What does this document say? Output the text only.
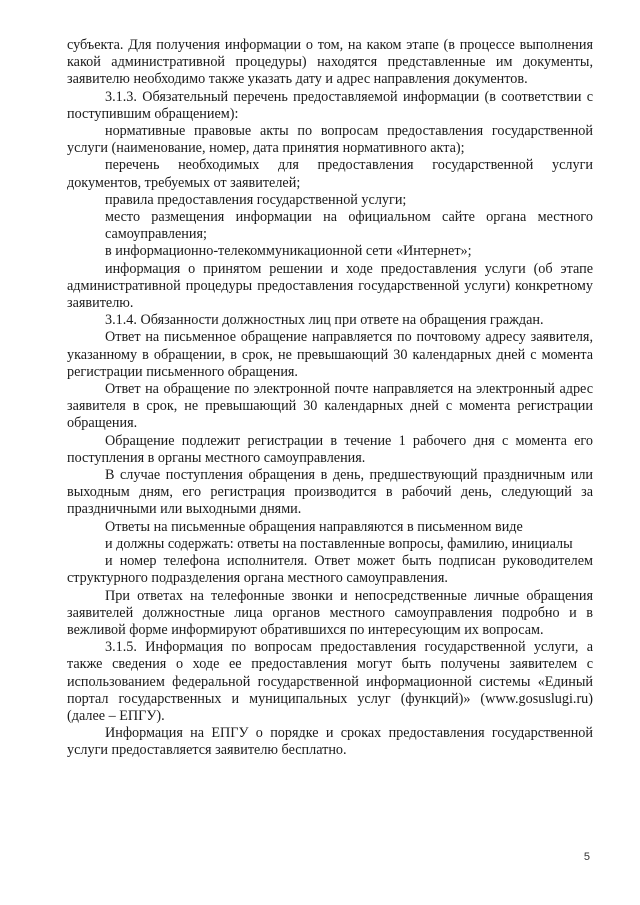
субъекта. Для получения информации о том, на каком этапе (в процессе выполнения какой административной процедуры) находятся представленные им документы, заявителю необходимо также указать дату и адрес направления документов.

3.1.3. Обязательный перечень предоставляемой информации (в соответствии с поступившим обращением):

нормативные правовые акты по вопросам предоставления государственной услуги (наименование, номер, дата принятия нормативного акта);

перечень необходимых для предоставления государственной услуги документов, требуемых от заявителей;

правила предоставления государственной услуги;

место размещения информации на официальном сайте органа местного самоуправления;

в информационно-телекоммуникационной сети «Интернет»;

информация о принятом решении и ходе предоставления услуги (об этапе административной процедуры предоставления государственной услуги) конкретному заявителю.

3.1.4. Обязанности должностных лиц при ответе на обращения граждан.

Ответ на письменное обращение направляется по почтовому адресу заявителя, указанному в обращении, в срок, не превышающий 30 календарных дней с момента регистрации письменного обращения.

Ответ на обращение по электронной почте направляется на электронный адрес заявителя в срок, не превышающий 30 календарных дней с момента регистрации обращения.

Обращение подлежит регистрации в течение 1 рабочего дня с момента его поступления в органы местного самоуправления.

В случае поступления обращения в день, предшествующий праздничным или выходным дням, его регистрация производится в рабочий день, следующий за праздничными или выходными днями.

Ответы на письменные обращения направляются в письменном виде

и должны содержать: ответы на поставленные вопросы, фамилию, инициалы

и номер телефона исполнителя. Ответ может быть подписан руководителем структурного подразделения органа местного самоуправления.

При ответах на телефонные звонки и непосредственные личные обращения заявителей должностные лица органов местного самоуправления подробно и в вежливой форме информируют обратившихся по интересующим их вопросам.

3.1.5. Информация по вопросам предоставления государственной услуги, а также сведения о ходе ее предоставления могут быть получены заявителем с использованием федеральной государственной информационной системы «Единый портал государственных и муниципальных услуг (функций)» (www.gosuslugi.ru) (далее – ЕПГУ).

Информация на ЕПГУ о порядке и сроках предоставления государственной услуги предоставляется заявителю бесплатно.

5
